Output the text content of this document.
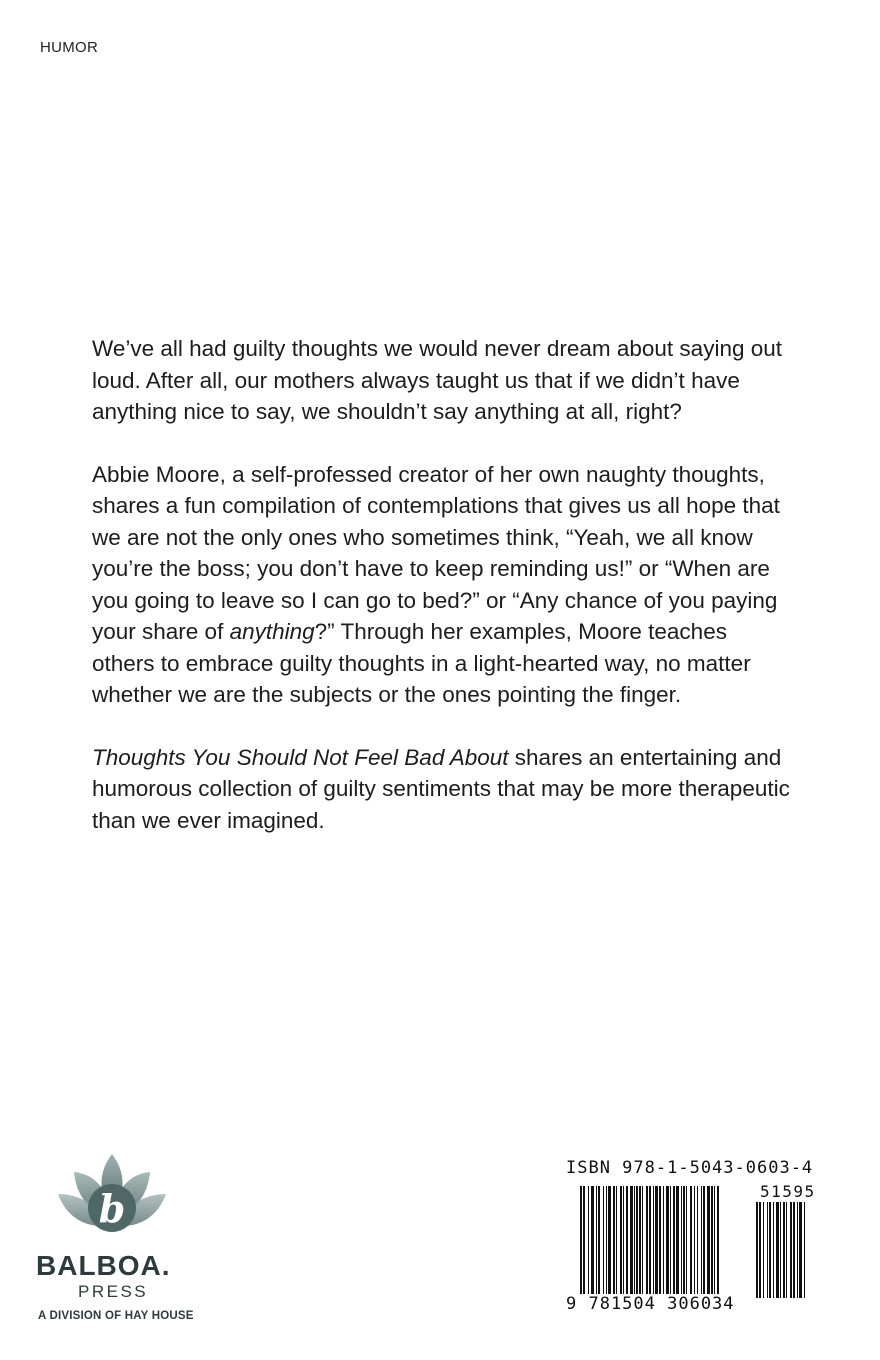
HUMOR

We’ve all had guilty thoughts we would never dream about saying out loud. After all, our mothers always taught us that if we didn’t have anything nice to say, we shouldn’t say anything at all, right?

Abbie Moore, a self-professed creator of her own naughty thoughts, shares a fun compilation of contemplations that gives us all hope that we are not the only ones who sometimes think, “Yeah, we all know you’re the boss; you don’t have to keep reminding us!” or “When are you going to leave so I can go to bed?” or “Any chance of you paying your share of anything?” Through her examples, Moore teaches others to embrace guilty thoughts in a light-hearted way, no matter whether we are the subjects or the ones pointing the finger.

Thoughts You Should Not Feel Bad About shares an entertaining and humorous collection of guilty sentiments that may be more therapeutic than we ever imagined.

b
BALBOA.
PRESS
A DIVISION OF HAY HOUSE
ISBN 978-1-5043-0603-4
51595
9 781504 306034
